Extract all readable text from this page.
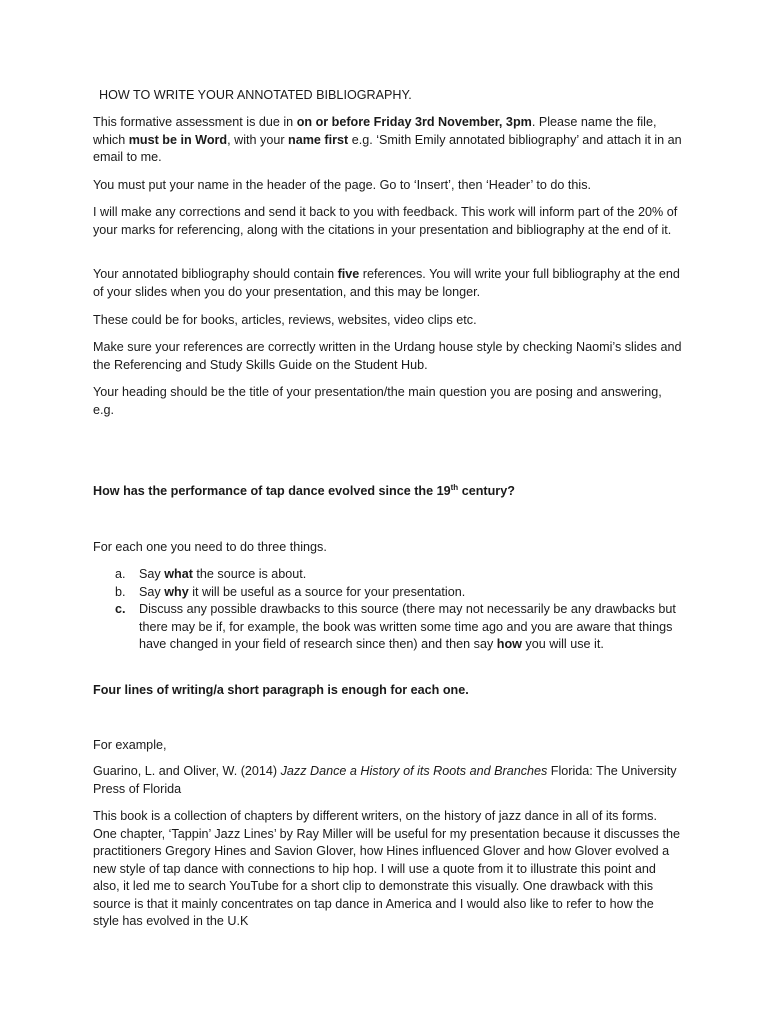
HOW TO WRITE YOUR ANNOTATED BIBLIOGRAPHY.

This formative assessment is due in on or before Friday 3rd November, 3pm. Please name the file, which must be in Word, with your name first e.g. ‘Smith Emily annotated bibliography’ and attach it in an email to me.

You must put your name in the header of the page. Go to ‘Insert’, then ‘Header’ to do this.

I will make any corrections and send it back to you with feedback. This work will inform part of the 20% of your marks for referencing, along with the citations in your presentation and bibliography at the end of it.

Your annotated bibliography should contain five references. You will write your full bibliography at the end of your slides when you do your presentation, and this may be longer.

These could be for books, articles, reviews, websites, video clips etc.

Make sure your references are correctly written in the Urdang house style by checking Naomi’s slides and the Referencing and Study Skills Guide on the Student Hub.

Your heading should be the title of your presentation/the main question you are posing and answering, e.g.

How has the performance of tap dance evolved since the 19th century?

For each one you need to do three things.

a. Say what the source is about.
b. Say why it will be useful as a source for your presentation.
c. Discuss any possible drawbacks to this source (there may not necessarily be any drawbacks but there may be if, for example, the book was written some time ago and you are aware that things have changed in your field of research since then) and then say how you will use it.

Four lines of writing/a short paragraph is enough for each one.

For example,

Guarino, L. and Oliver, W. (2014) Jazz Dance a History of its Roots and Branches Florida: The University Press of Florida

This book is a collection of chapters by different writers, on the history of jazz dance in all of its forms. One chapter, ‘Tappin’ Jazz Lines’ by Ray Miller will be useful for my presentation because it discusses the practitioners Gregory Hines and Savion Glover, how Hines influenced Glover and how Glover evolved a new style of tap dance with connections to hip hop. I will use a quote from it to illustrate this point and also, it led me to search YouTube for a short clip to demonstrate this visually. One drawback with this source is that it mainly concentrates on tap dance in America and I would also like to refer to how the style has evolved in the U.K
